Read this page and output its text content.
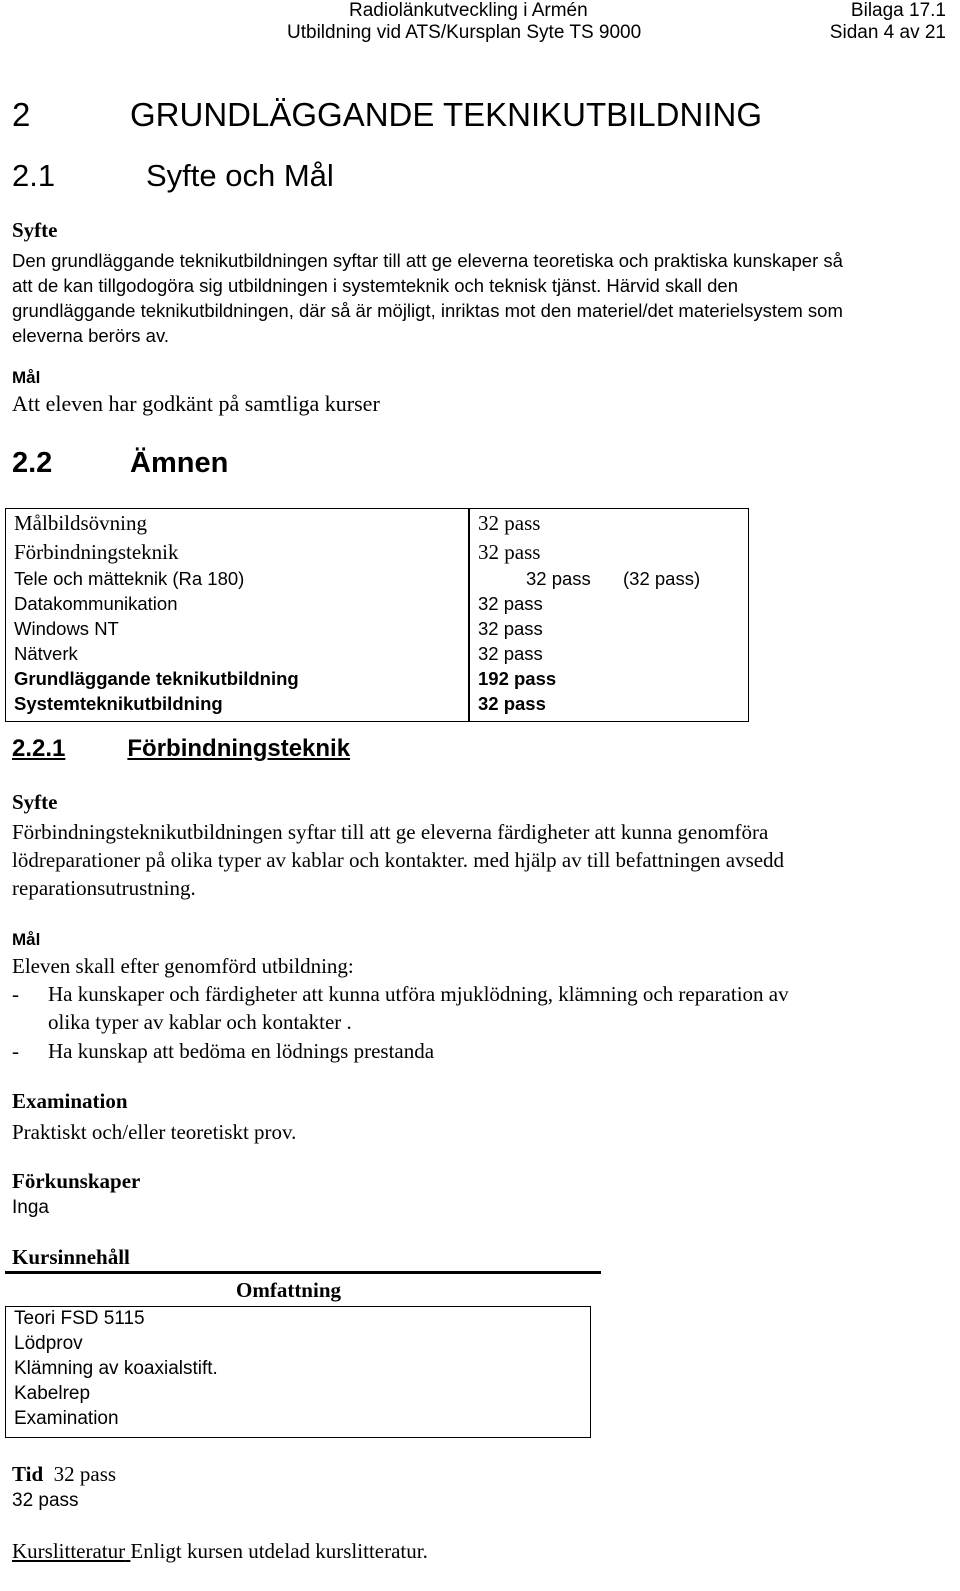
Radiolänkutveckling i Armén
Utbildning vid ATS/Kursplan Syte TS 9000
Bilaga 17.1
Sidan 4 av 21
2	GRUNDLÄGGANDE TEKNIKUTBILDNING
2.1	Syfte och Mål
Syfte
Den grundläggande teknikutbildningen syftar till att ge eleverna teoretiska och praktiska kunskaper så
att de kan tillgodogöra sig utbildningen i systemteknik och teknisk tjänst. Härvid skall den
grundläggande teknikutbildningen, där så är möjligt, inriktas mot den materiel/det materielsystem som
eleverna berörs av.
Mål
Att eleven har godkänt på samtliga kurser
2.2	Ämnen
Målbildsövning	32 pass
Förbindningsteknik	32 pass
Tele och mätteknik (Ra 180)	32 pass (32 pass)
Datakommunikation	32 pass
Windows NT	32 pass
Nätverk	32 pass
Grundläggande teknikutbildning	192 pass
Systemteknikutbildning	32 pass
2.2.1	Förbindningsteknik
Syfte
Förbindningsteknikutbildningen syftar till att ge eleverna färdigheter att kunna genomföra
lödreparationer på olika typer av kablar och kontakter. med hjälp av till befattningen avsedd
reparationsutrustning.
Mål
Eleven skall efter genomförd utbildning:
- Ha kunskaper och färdigheter att kunna utföra mjuklödning, klämning och reparation av
olika typer av kablar och kontakter .
- Ha kunskap att bedöma en lödnings prestanda
Examination
Praktiskt och/eller teoretiskt prov.
Förkunskaper
Inga
Kursinnehåll
Omfattning
Teori FSD 5115
Lödprov
Klämning av koaxialstift.
Kabelrep
Examination
Tid 32 pass
32 pass
Kurslitteratur Enligt kursen utdelad kurslitteratur.
